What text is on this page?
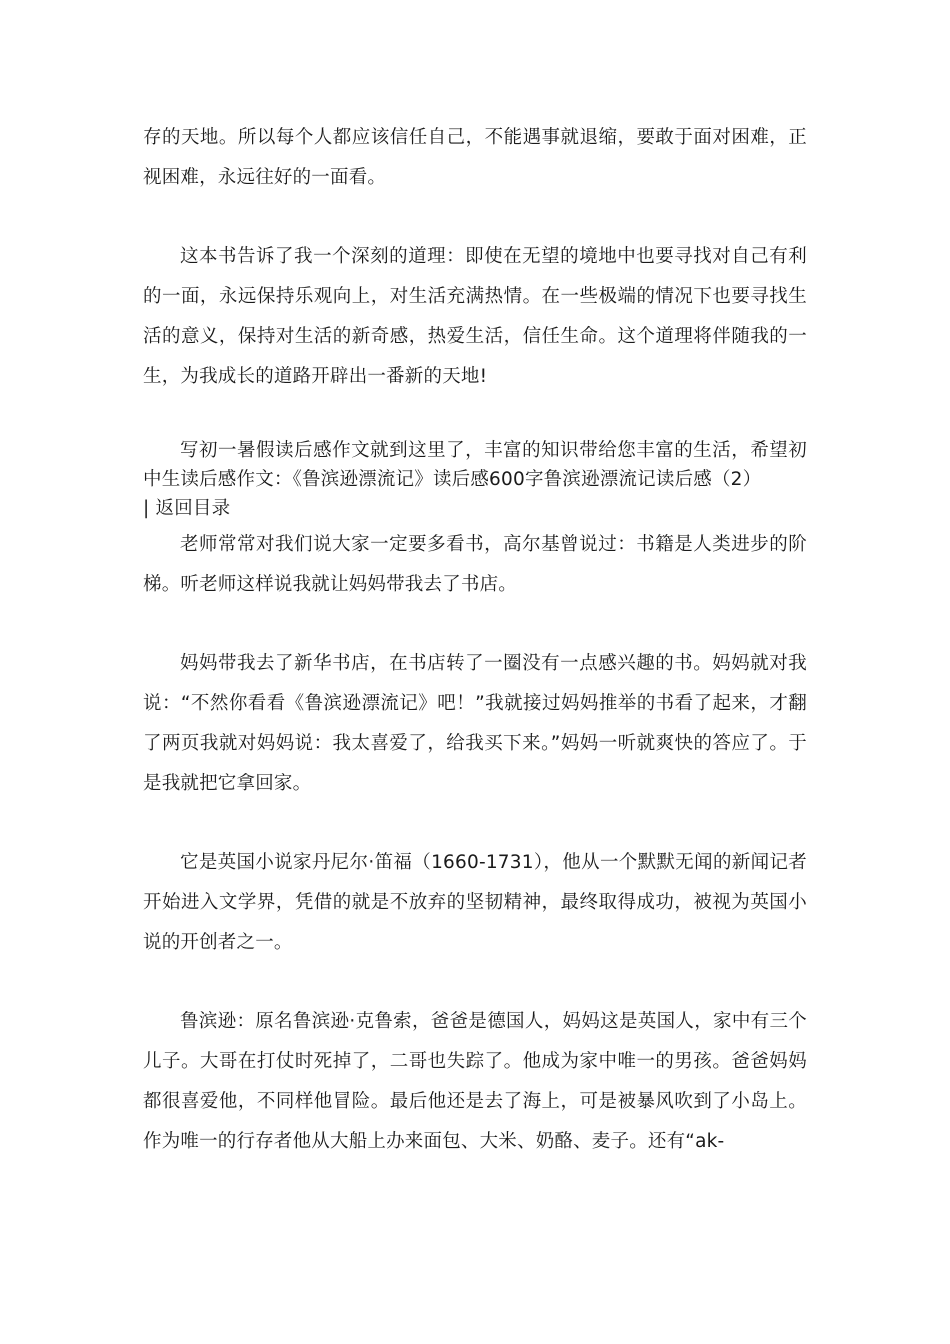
存的天地。所以每个人都应该信任自己，不能遇事就退缩，要敢于面对困难，正视困难，永远往好的一面看。

这本书告诉了我一个深刻的道理：即使在无望的境地中也要寻找对自己有利的一面，永远保持乐观向上，对生活充满热情。在一些极端的情况下也要寻找生活的意义，保持对生活的新奇感，热爱生活，信任生命。这个道理将伴随我的一生，为我成长的道路开辟出一番新的天地!

写初一暑假读后感作文就到这里了，丰富的知识带给您丰富的生活，希望初中生读后感作文：《鲁滨逊漂流记》读后感600字鲁滨逊漂流记读后感（2）
| 返回目录

老师常常对我们说大家一定要多看书，高尔基曾说过：书籍是人类进步的阶梯。听老师这样说我就让妈妈带我去了书店。

妈妈带我去了新华书店，在书店转了一圈没有一点感兴趣的书。妈妈就对我说：“不然你看看《鲁滨逊漂流记》吧！”我就接过妈妈推举的书看了起来，才翻了两页我就对妈妈说：我太喜爱了，给我买下来。”妈妈一听就爽快的答应了。于是我就把它拿回家。

它是英国小说家丹尼尔·笛福（1660-1731），他从一个默默无闻的新闻记者开始进入文学界，凭借的就是不放弃的坚韧精神，最终取得成功，被视为英国小说的开创者之一。

鲁滨逊：原名鲁滨逊·克鲁索，爸爸是德国人，妈妈这是英国人，家中有三个儿子。大哥在打仗时死掉了，二哥也失踪了。他成为家中唯一的男孩。爸爸妈妈都很喜爱他，不同样他冒险。最后他还是去了海上，可是被暴风吹到了小岛上。作为唯一的行存者他从大船上办来面包、大米、奶酪、麦子。还有“ak-
